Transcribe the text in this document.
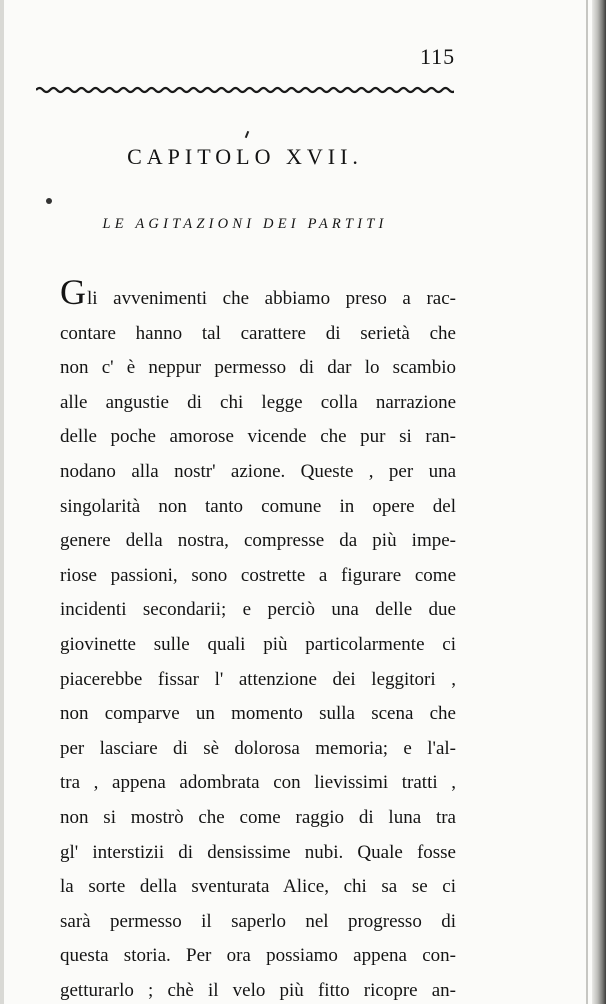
115
CAPITOLO XVII.
LE AGITAZIONI DEI PARTITI
Gli avvenimenti che abbiamo preso a rac-
contare hanno tal carattere di serietà che
non c' è neppur permesso di dar lo scambio
alle angustie di chi legge colla narrazione
delle poche amorose vicende che pur si ran-
nodano alla nostr' azione. Queste , per una
singolarità non tanto comune in opere del
genere della nostra, compresse da più impe-
riose passioni, sono costrette a figurare come
incidenti secondarii; e perciò una delle due
giovinette sulle quali più particolarmente ci
piacerebbe fissar l' attenzione dei leggitori ,
non comparve un momento sulla scena che
per lasciare di sè dolorosa memoria; e l'al-
tra , appena adombrata con lievissimi tratti ,
non si mostrò che come raggio di luna tra
gl' interstizii di densissime nubi. Quale fosse
la sorte della sventurata Alice, chi sa se ci
sarà permesso il saperlo nel progresso di
questa storia. Per ora possiamo appena con-
getturarlo ; chè il velo più fitto ricopre an-
